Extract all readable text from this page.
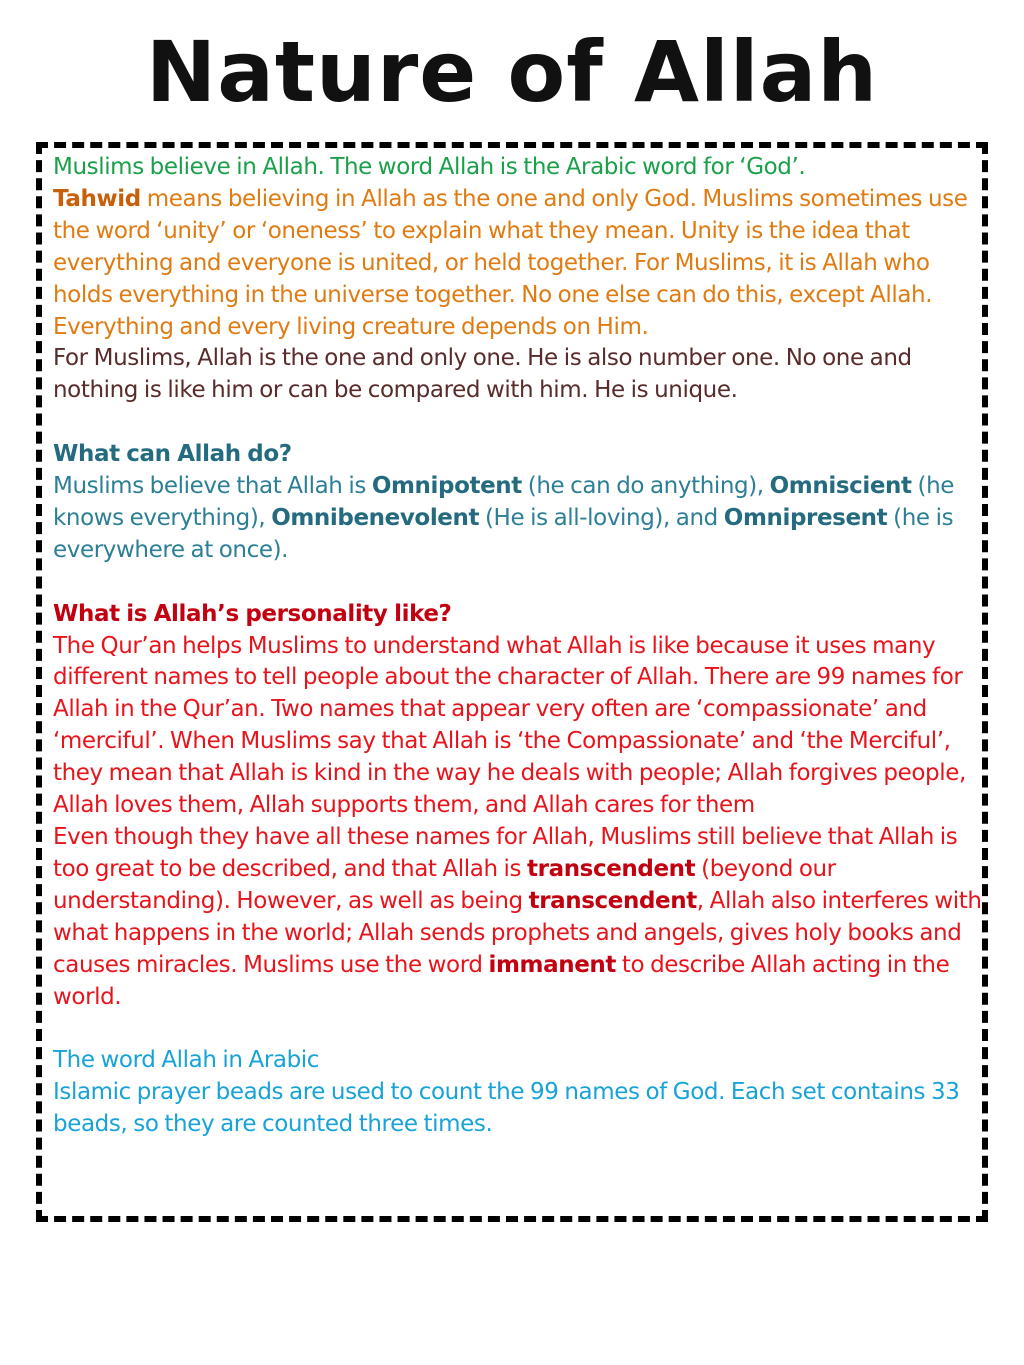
Nature of Allah

Muslims believe in Allah. The word Allah is the Arabic word for ‘God’.

Tahwid means believing in Allah as the one and only God. Muslims sometimes use the word ‘unity’ or ‘oneness’ to explain what they mean. Unity is the idea that everything and everyone is united, or held together. For Muslims, it is Allah who holds everything in the universe together. No one else can do this, except Allah. Everything and every living creature depends on Him.

For Muslims, Allah is the one and only one. He is also number one. No one and nothing is like him or can be compared with him. He is unique.

What can Allah do?

Muslims believe that Allah is Omnipotent (he can do anything), Omniscient (he knows everything), Omnibenevolent (He is all-loving), and Omnipresent (he is everywhere at once).

What is Allah’s personality like?

The Qur’an helps Muslims to understand what Allah is like because it uses many different names to tell people about the character of Allah. There are 99 names for Allah in the Qur’an. Two names that appear very often are ‘compassionate’ and ‘merciful’. When Muslims say that Allah is ‘the Compassionate’ and ‘the Merciful’, they mean that Allah is kind in the way he deals with people; Allah forgives people, Allah loves them, Allah supports them, and Allah cares for them

Even though they have all these names for Allah, Muslims still believe that Allah is too great to be described, and that Allah is transcendent (beyond our understanding). However, as well as being transcendent, Allah also interferes with what happens in the world; Allah sends prophets and angels, gives holy books and causes miracles. Muslims use the word immanent to describe Allah acting in the world.

The word Allah in Arabic

Islamic prayer beads are used to count the 99 names of God. Each set contains 33 beads, so they are counted three times.
